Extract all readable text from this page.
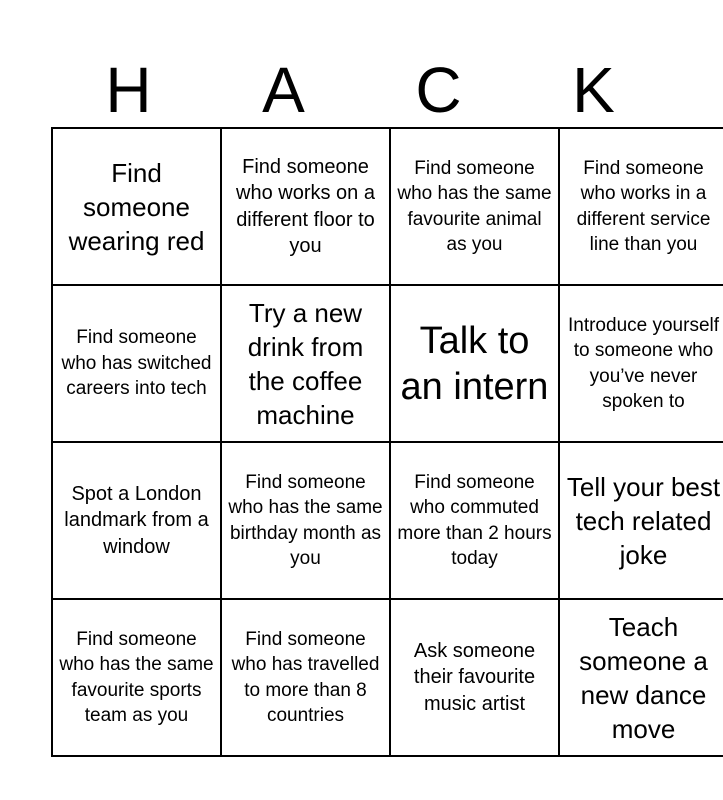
H	A	C	K
Find someone wearing red	Find someone who works on a different floor to you	Find someone who has the same favourite animal as you	Find someone who works in a different service line than you

Find someone who has switched careers into tech	Try a new drink from the coffee machine	Talk to an intern	Introduce yourself to someone who you’ve never spoken to

Spot a London landmark from a window	Find someone who has the same birthday month as you	Find someone who commuted more than 2 hours today	Tell your best tech related joke

Find someone who has the same favourite sports team as you	Find someone who has travelled to more than 8 countries	Ask someone their favourite music artist	Teach someone a new dance move
